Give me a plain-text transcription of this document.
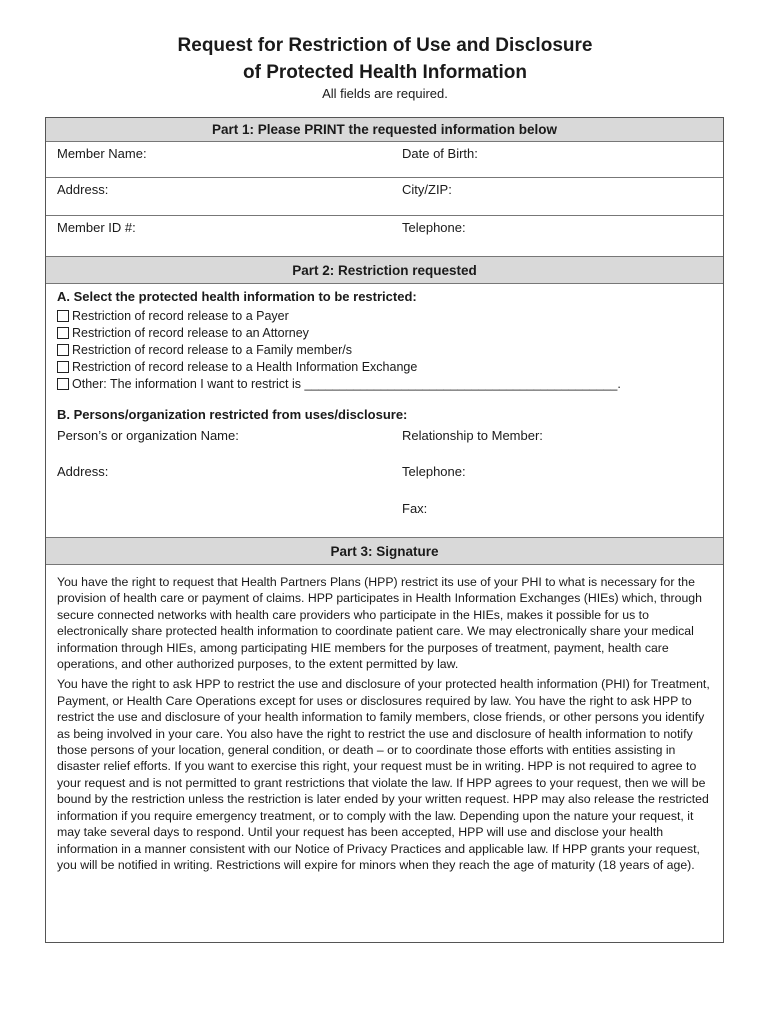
Request for Restriction of Use and Disclosure
of Protected Health Information
All fields are required.
Part 1: Please PRINT the requested information below
Member Name:	Date of Birth:
Address:	City/ZIP:
Member ID #:	Telephone:
Part 2: Restriction requested
A. Select the protected health information to be restricted:
Restriction of record release to a Payer
Restriction of record release to an Attorney
Restriction of record release to a Family member/s
Restriction of record release to a Health Information Exchange
Other: The information I want to restrict is _____________________________________________.
B. Persons/organization restricted from uses/disclosure:
Person’s or organization Name:	Relationship to Member:
Address:	Telephone:
Fax:
Part 3: Signature

You have the right to request that Health Partners Plans (HPP) restrict its use of your PHI to what is necessary for the provision of health care or payment of claims. HPP participates in Health Information Exchanges (HIEs) which, through secure connected networks with health care providers who participate in the HIEs, makes it possible for us to electronically share protected health information to coordinate patient care. We may electronically share your medical information through HIEs, among participating HIE members for the purposes of treatment, payment, health care operations, and other authorized purposes, to the extent permitted by law.

You have the right to ask HPP to restrict the use and disclosure of your protected health information (PHI) for Treatment, Payment, or Health Care Operations except for uses or disclosures required by law. You have the right to ask HPP to restrict the use and disclosure of your health information to family members, close friends, or other persons you identify as being involved in your care. You also have the right to restrict the use and disclosure of health information to notify those persons of your location, general condition, or death – or to coordinate those efforts with entities assisting in disaster relief efforts. If you want to exercise this right, your request must be in writing. HPP is not required to agree to your request and is not permitted to grant restrictions that violate the law. If HPP agrees to your request, then we will be bound by the restriction unless the restriction is later ended by your written request. HPP may also release the restricted information if you require emergency treatment, or to comply with the law. Depending upon the nature your request, it may take several days to respond. Until your request has been accepted, HPP will use and disclose your health information in a manner consistent with our Notice of Privacy Practices and applicable law. If HPP grants your request, you will be notified in writing. Restrictions will expire for minors when they reach the age of maturity (18 years of age).
